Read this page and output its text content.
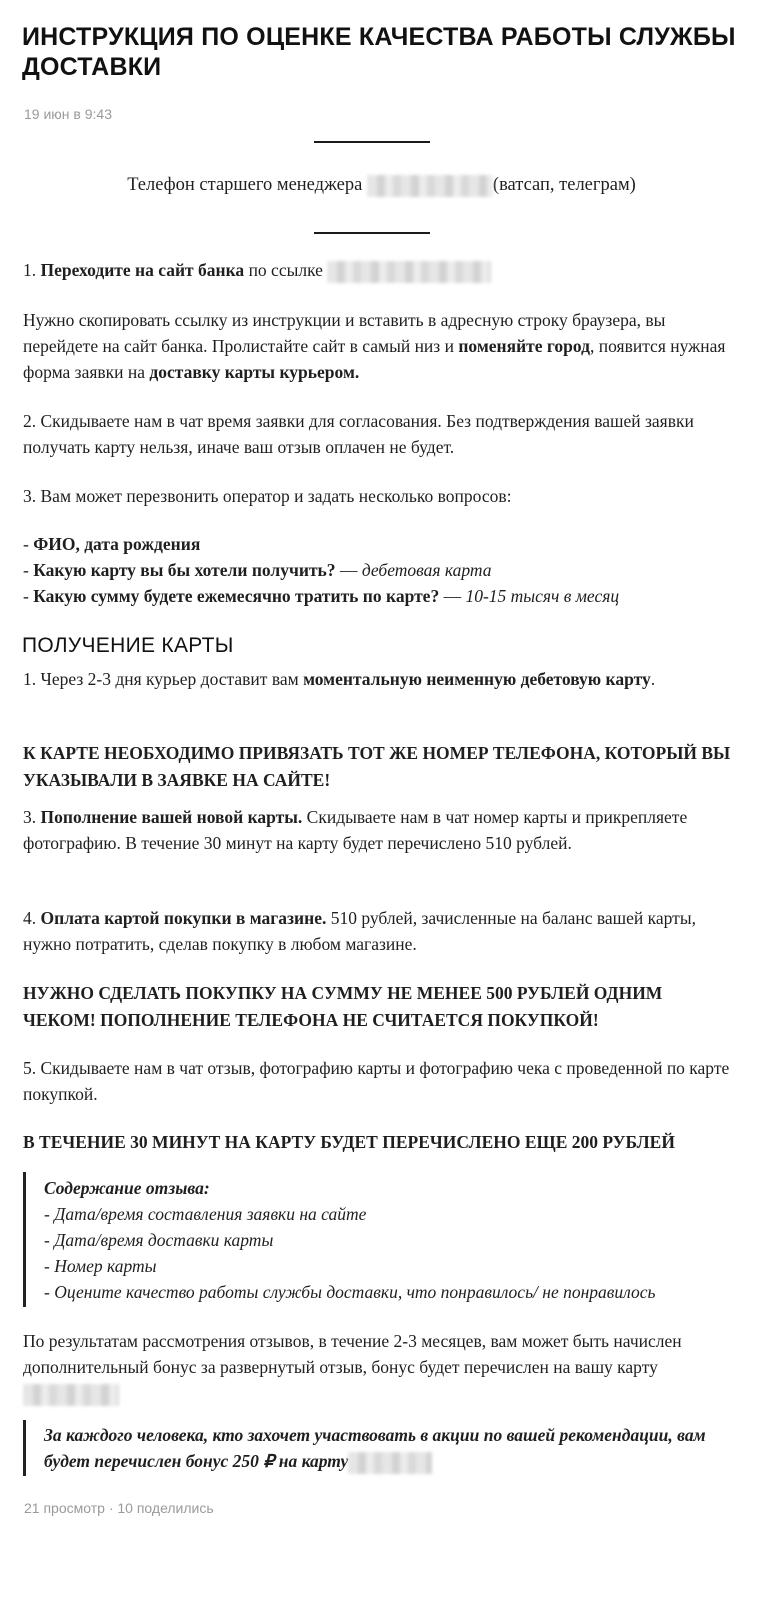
ИНСТРУКЦИЯ ПО ОЦЕНКЕ КАЧЕСТВА РАБОТЫ СЛУЖБЫ ДОСТАВКИ
19 июн в 9:43
Телефон старшего менеджера	(ватсап, телеграм)

1. Переходите на сайт банка по ссылке

Нужно скопировать ссылку из инструкции и вставить в адресную строку браузера, вы перейдете на сайт банка. Пролистайте сайт в самый низ и поменяйте город, появится нужная форма заявки на доставку карты курьером.

2. Скидываете нам в чат время заявки для согласования. Без подтверждения вашей заявки получать карту нельзя, иначе ваш отзыв оплачен не будет.

3. Вам может перезвонить оператор и задать несколько вопросов:

- ФИО, дата рождения
- Какую карту вы бы хотели получить? — дебетовая карта
- Какую сумму будете ежемесячно тратить по карте? — 10-15 тысяч в месяц
ПОЛУЧЕНИЕ КАРТЫ
1. Через 2-3 дня курьер доставит вам моментальную неименную дебетовую карту.

К КАРТЕ НЕОБХОДИМО ПРИВЯЗАТЬ ТОТ ЖЕ НОМЕР ТЕЛЕФОНА, КОТОРЫЙ ВЫ УКАЗЫВАЛИ В ЗАЯВКЕ НА САЙТЕ!

3. Пополнение вашей новой карты. Скидываете нам в чат номер карты и прикрепляете фотографию. В течение 30 минут на карту будет перечислено 510 рублей.

4. Оплата картой покупки в магазине. 510 рублей, зачисленные на баланс вашей карты, нужно потратить, сделав покупку в любом магазине.

НУЖНО СДЕЛАТЬ ПОКУПКУ НА СУММУ НЕ МЕНЕЕ 500 РУБЛЕЙ ОДНИМ ЧЕКОМ! ПОПОЛНЕНИЕ ТЕЛЕФОНА НЕ СЧИТАЕТСЯ ПОКУПКОЙ!

5. Скидываете нам в чат отзыв, фотографию карты и фотографию чека с проведенной по карте покупкой.

В ТЕЧЕНИЕ 30 МИНУТ НА КАРТУ БУДЕТ ПЕРЕЧИСЛЕНО ЕЩЕ 200 РУБЛЕЙ

Содержание отзыва:
- Дата/время составления заявки на сайте
- Дата/время доставки карты
- Номер карты
- Оцените качество работы службы доставки, что понравилось/ не понравилось

По результатам рассмотрения отзывов, в течение 2-3 месяцев, вам может быть начислен дополнительный бонус за развернутый отзыв, бонус будет перечислен на вашу карту

За каждого человека, кто захочет участвовать в акции по вашей рекомендации, вам будет перечислен бонус 250 ₽ на карту
21 просмотр · 10 поделились
